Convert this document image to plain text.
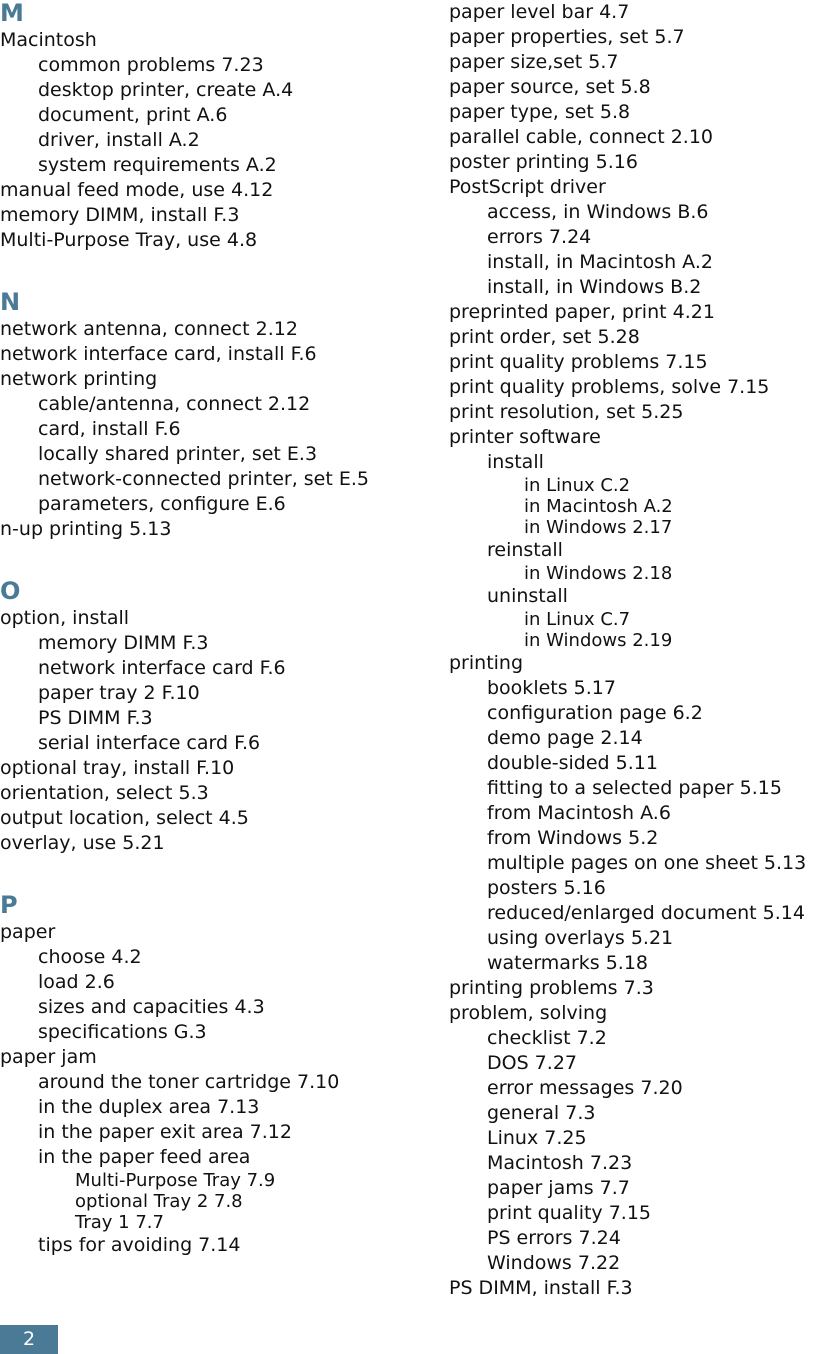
M
Macintosh
common problems 7.23
desktop printer, create A.4
document, print A.6
driver, install A.2
system requirements A.2
manual feed mode, use 4.12
memory DIMM, install F.3
Multi-Purpose Tray, use 4.8
N
network antenna, connect 2.12
network interface card, install F.6
network printing
cable/antenna, connect 2.12
card, install F.6
locally shared printer, set E.3
network-connected printer, set E.5
parameters, configure E.6
n-up printing 5.13
O
option, install
memory DIMM F.3
network interface card F.6
paper tray 2 F.10
PS DIMM F.3
serial interface card F.6
optional tray, install F.10
orientation, select 5.3
output location, select 4.5
overlay, use 5.21
P
paper
choose 4.2
load 2.6
sizes and capacities 4.3
specifications G.3
paper jam
around the toner cartridge 7.10
in the duplex area 7.13
in the paper exit area 7.12
in the paper feed area
Multi-Purpose Tray 7.9
optional Tray 2 7.8
Tray 1 7.7
tips for avoiding 7.14
paper level bar 4.7
paper properties, set 5.7
paper size,set 5.7
paper source, set 5.8
paper type, set 5.8
parallel cable, connect 2.10
poster printing 5.16
PostScript driver
access, in Windows B.6
errors 7.24
install, in Macintosh A.2
install, in Windows B.2
preprinted paper, print 4.21
print order, set 5.28
print quality problems 7.15
print quality problems, solve 7.15
print resolution, set 5.25
printer software
install
in Linux C.2
in Macintosh A.2
in Windows 2.17
reinstall
in Windows 2.18
uninstall
in Linux C.7
in Windows 2.19
printing
booklets 5.17
configuration page 6.2
demo page 2.14
double-sided 5.11
fitting to a selected paper 5.15
from Macintosh A.6
from Windows 5.2
multiple pages on one sheet 5.13
posters 5.16
reduced/enlarged document 5.14
using overlays 5.21
watermarks 5.18
printing problems 7.3
problem, solving
checklist 7.2
DOS 7.27
error messages 7.20
general 7.3
Linux 7.25
Macintosh 7.23
paper jams 7.7
print quality 7.15
PS errors 7.24
Windows 7.22
PS DIMM, install F.3
2
